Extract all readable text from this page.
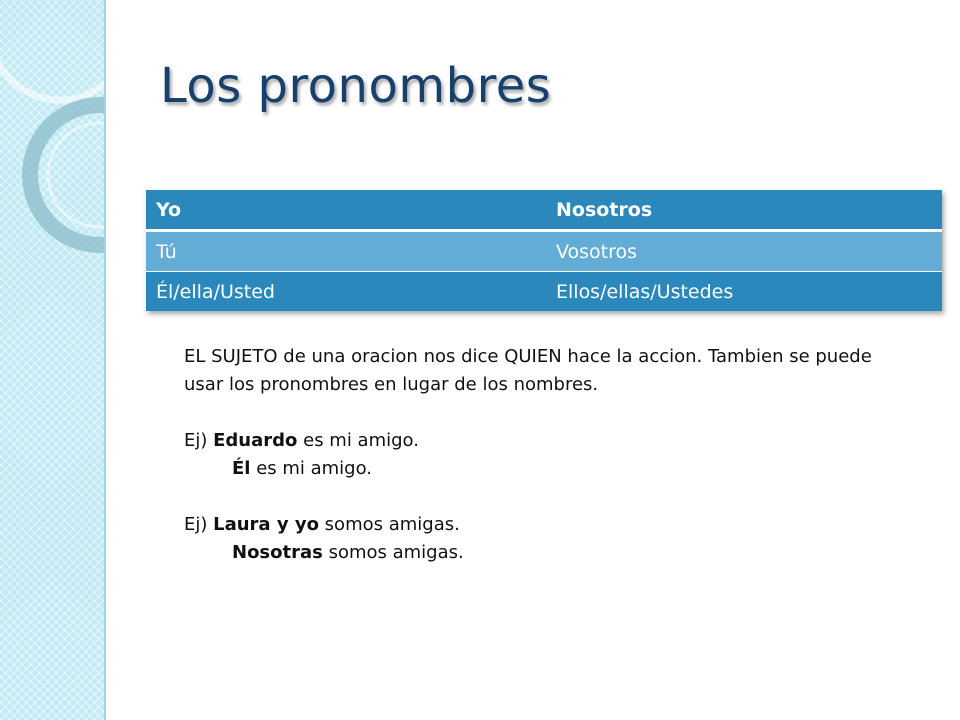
Los pronombres
Yo	Nosotros
Tú	Vosotros
Él/ella/Usted	Ellos/ellas/Ustedes

EL SUJETO de una oracion nos dice QUIEN hace la accion. Tambien se puede usar los pronombres en lugar de los nombres.

Ej) Eduardo es mi amigo.

Él es mi amigo.

Ej) Laura y yo somos amigas.

Nosotras somos amigas.
